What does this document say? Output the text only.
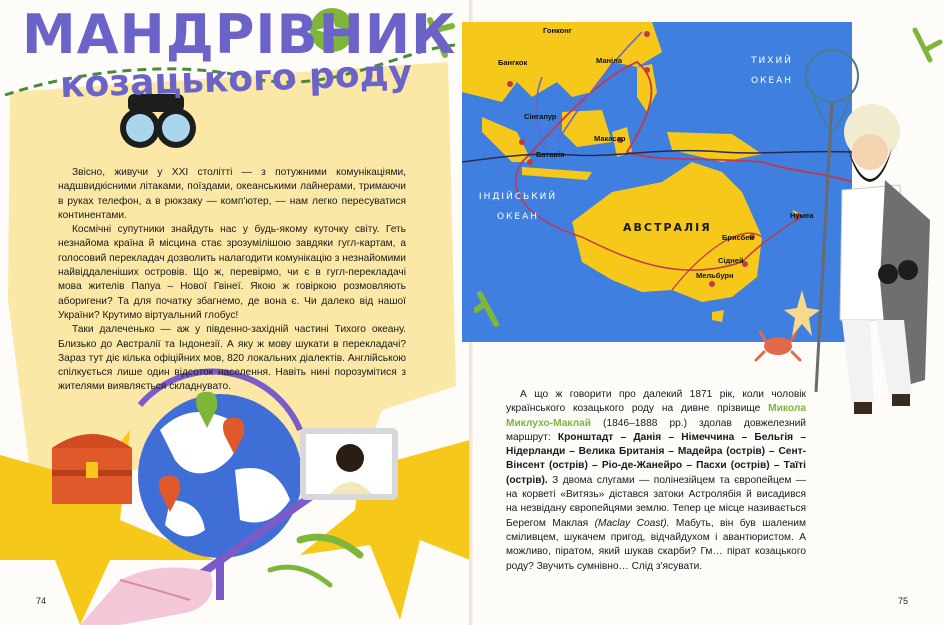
МАНДРІВНИК
козацького роду

Звісно, живучи у XXI столітті — з потужними комунікаціями, надшвидкісними літаками, поїздами, океанськими лайнерами, тримаючи в руках телефон, а в рюкзаку — комп'ютер, — нам легко пересуватися континентами.

Космічні супутники знайдуть нас у будь-якому куточку світу. Геть незнайома країна й місцина стає зрозумілішою завдяки гугл-картам, а голосовий перекладач дозволить налагодити комунікацію з незнайомими найвіддаленіших островів. Що ж, перевірмо, чи є в гугл-перекладачі мова жителів Папуа – Нової Гвінеї. Якою ж говіркою розмовляють аборигени? Та для початку збагнемо, де вона є. Чи далеко від нашої України? Крутимо віртуальний глобус!

Таки далеченько — аж у південно-західній частині Тихого океану. Близько до Австралії та Індонезії. А яку ж мову шукати в перекладачі? Зараз тут діє кілька офіційних мов, 820 локальних діалектів. Англійською спілкується лише один відсоток населення. Навіть нині порозумітися з жителями виявляється складнувато.

74
ТИХИЙ
ОКЕАН
ІНДІЙСЬКИЙ
ОКЕАН
АВСТРАЛІЯ
Гонконг
Маніла
Бангкок
Сінгапур
Батавія
Макасар
Нумеа
Брисбен
Сідней
Мельбурн

А що ж говорити про далекий 1871 рік, коли чоловік українського козацького роду на дивне прізвище Микола Миклухо-Маклай (1846–1888 рр.) здолав довжелезний маршрут: Кронштадт – Данія – Німеччина – Бельгія – Нідерланди – Велика Британія – Мадейра (острів) – Сент-Вінсент (острів) – Ріо-де-Жанейро – Пасхи (острів) – Таїті (острів). З двома слугами — полінезійцем та європейцем — на корветі «Витязь» дістався затоки Астролябія й висадився на незвідану європейцями землю. Тепер це місце називається Берегом Маклая (Maclay Coast). Мабуть, він був шаленим сміливцем, шукачем пригод, відчайдухом і авантюристом. А можливо, піратом, який шукав скарби? Гм… пірат козацького роду? Звучить сумнівно… Слід з'ясувати.

75
